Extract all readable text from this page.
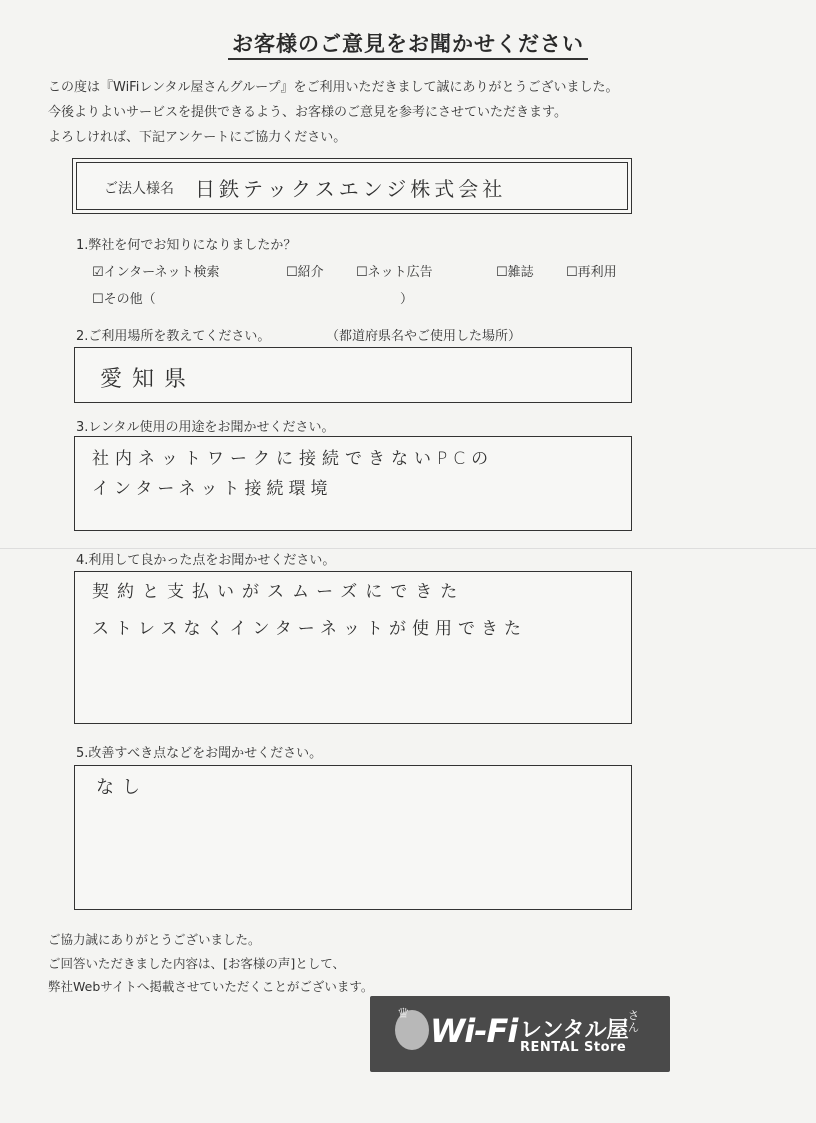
お客様のご意見をお聞かせください
この度は『WiFiレンタル屋さんグループ』をご利用いただきまして誠にありがとうございました。
今後よりよいサービスを提供できるよう、お客様のご意見を参考にさせていただきます。
よろしければ、下記アンケートにご協力ください。
ご法人様名 日鉄テックスエンジ株式会社
1.弊社を何でお知りになりましたか？
☑インターネット検索	☐紹介 ☐ネット広告	☐雑誌 ☐再利用
☐その他（	）
2.ご利用場所を教えてください。	（都道府県名やご使用した場所）
愛知県
3.レンタル使用の用途をお聞かせください。
社内ネットワークに接続できないPCの
インターネット接続環境
4.利用して良かった点をお聞かせください。
契約と支払いがスムーズにできた
ストレスなくインターネットが使用できた
5.改善すべき点などをお聞かせください。
なし
ご協力誠にありがとうございました。
ご回答いただきました内容は、[お客様の声]として、
弊社Webサイトへ掲載させていただくことがございます。
♛ Wi-Fi レンタル屋
さん
RENTAL Store
